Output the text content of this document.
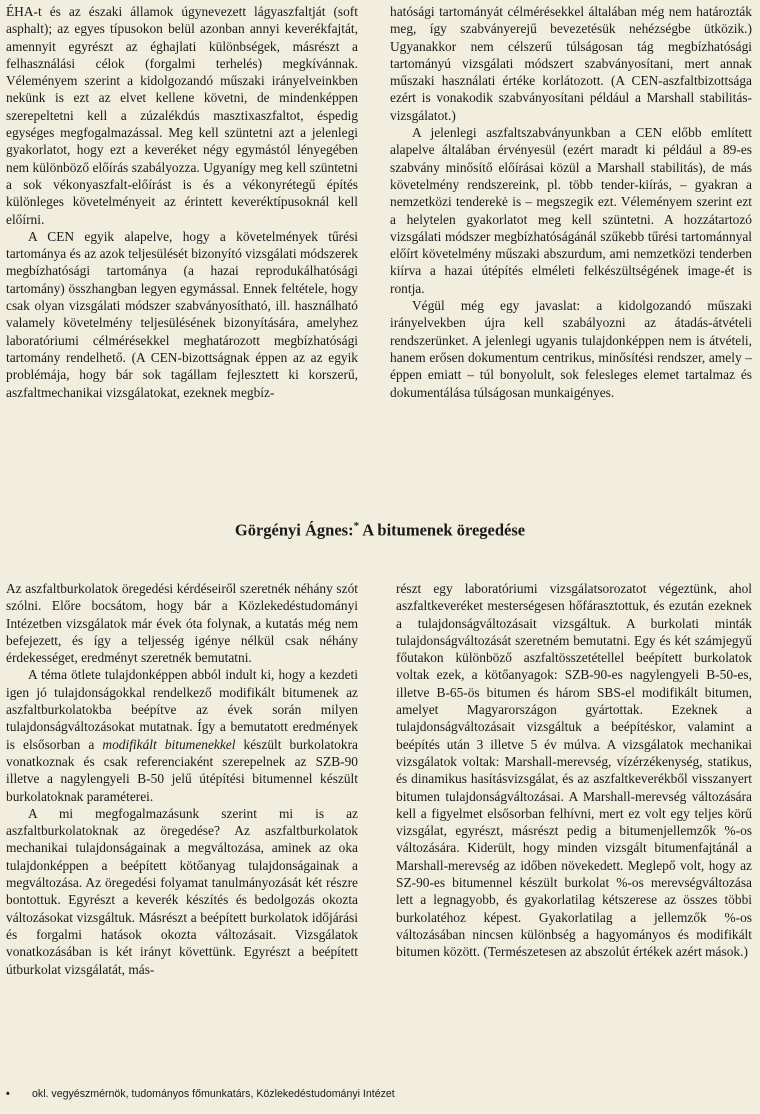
ÉHA-t és az északi államok úgynevezett lágyaszfaltját (soft asphalt); az egyes típusokon belül azonban annyi keverékfajtát, amennyit egyrészt az éghajlati különbségek, másrészt a felhasználási célok (forgalmi terhelés) megkívánnak. Véleményem szerint a kidolgozandó műszaki irányelveinkben nekünk is ezt az elvet kellene követni, de mindenképpen szerepeltetni kell a zúzalékdús masztixaszfaltot, éspedig egységes megfogalmazással. Meg kell szüntetni azt a jelenlegi gyakorlatot, hogy ezt a keveréket négy egymástól lényegében nem különböző előírás szabályozza. Ugyanígy meg kell szüntetni a sok vékonyaszfalt-előírást is és a vékonyrétegű építés különleges követelményeit az érintett keveréktípusoknál kell előírni.

A CEN egyik alapelve, hogy a követelmények tűrési tartománya és az azok teljesülését bizonyító vizsgálati módszerek megbízhatósági tartománya (a hazai reprodukálhatósági tartomány) összhangban legyen egymással. Ennek feltétele, hogy csak olyan vizsgálati módszer szabványosítható, ill. használható valamely követelmény teljesülésének bizonyítására, amelyhez laboratóriumi célmérésekkel meghatározott megbízhatósági tartomány rendelhető. (A CEN-bizottságnak éppen az az egyik problémája, hogy bár sok tagállam fejlesztett ki korszerű, aszfaltmechanikai vizsgálatokat, ezeknek megbíz-

hatósági tartományát célmérésekkel általában még nem határozták meg, így szabványerejű bevezetésük nehézségbe ütközik.) Ugyanakkor nem célszerű túlságosan tág megbízhatósági tartományú vizsgálati módszert szabványosítani, mert annak műszaki használati értéke korlátozott. (A CEN-aszfaltbizottsága ezért is vonakodik szabványosítani például a Marshall stabilitás-vizsgálatot.)

A jelenlegi aszfaltszabványunkban a CEN előbb említett alapelve általában érvényesül (ezért maradt ki például a 89-es szabvány minősítő előírásai közül a Marshall stabilitás), de más követelmény rendszereink, pl. több tender-kiírás, – gyakran a nemzetközi tenderekė is – megszegik ezt. Véleményem szerint ezt a helytelen gyakorlatot meg kell szüntetni. A hozzátartozó vizsgálati módszer megbízhatóságánál szűkebb tűrési tartománnyal előírt követelmény műszaki abszurdum, ami nemzetközi tenderben kiírva a hazai útépítés elméleti felkészültségének image-ét is rontja.

Végül még egy javaslat: a kidolgozandó műszaki irányelvekben újra kell szabályozni az átadás-átvételi rendszerünket. A jelenlegi ugyanis tulajdonképpen nem is átvételi, hanem erősen dokumentum centrikus, minősítési rendszer, amely – éppen emiatt – túl bonyolult, sok felesleges elemet tartalmaz és dokumentálása túlságosan munkaigényes.

Görgényi Ágnes:* A bitumenek öregedése

Az aszfaltburkolatok öregedési kérdéseiről szeretnék néhány szót szólni. Előre bocsátom, hogy bár a Közlekedéstudományi Intézetben vizsgálatok már évek óta folynak, a kutatás még nem befejezett, és így a teljesség igénye nélkül csak néhány érdekességet, eredményt szeretnék bemutatni.

A téma ötlete tulajdonképpen abból indult ki, hogy a kezdeti igen jó tulajdonságokkal rendelkező modifikált bitumenek az aszfaltburkolatokba beépítve az évek során milyen tulajdonságváltozásokat mutatnak. Így a bemutatott eredmények is elsősorban a modifikált bitumenekkel készült burkolatokra vonatkoznak és csak referenciaként szerepelnek az SZB-90 illetve a nagylengyeli B-50 jelű útépítési bitumennel készült burkolatoknak paraméterei.

A mi megfogalmazásunk szerint mi is az aszfaltburkolatoknak az öregedése? Az aszfaltburkolatok mechanikai tulajdonságainak a megváltozása, aminek az oka tulajdonképpen a beépített kötőanyag tulajdonságainak a megváltozása. Az öregedési folyamat tanulmányozását két részre bontottuk. Egyrészt a keverék készítés és bedolgozás okozta változásokat vizsgáltuk. Másrészt a beépített burkolatok időjárási és forgalmi hatások okozta változásait. Vizsgálatok vonatkozásában is két irányt követtünk. Egyrészt a beépített útburkolat vizsgálatát, más-

részt egy laboratóriumi vizsgálatsorozatot végeztünk, ahol aszfaltkeveréket mesterségesen hőfárasztottuk, és ezután ezeknek a tulajdonságváltozásait vizsgáltuk. A burkolati minták tulajdonságváltozását szeretném bemutatni. Egy és két számjegyű főutakon különböző aszfaltösszetétellel beépített burkolatok voltak ezek, a kötőanyagok: SZB-90-es nagylengyeli B-50-es, illetve B-65-ös bitumen és három SBS-el modifikált bitumen, amelyet Magyarországon gyártottak. Ezeknek a tulajdonságváltozásait vizsgáltuk a beépítéskor, valamint a beépítés után 3 illetve 5 év múlva. A vizsgálatok mechanikai vizsgálatok voltak: Marshall-merevség, vízérzékenység, statikus, és dinamikus hasításvizsgálat, és az aszfaltkeverékből visszanyert bitumen tulajdonságváltozásai. A Marshall-merevség változására kell a figyelmet elsősorban felhívni, mert ez volt egy teljes körű vizsgálat, egyrészt, másrészt pedig a bitumenjellemzők %-os változására. Kiderült, hogy minden vizsgált bitumenfajtánál a Marshall-merevség az időben növekedett. Meglepő volt, hogy az SZ-90-es bitumennel készült burkolat %-os merevségváltozása lett a legnagyobb, és gyakorlatilag kétszerese az összes többi burkolatéhoz képest. Gyakorlatilag a jellemzők %-os változásában nincsen különbség a hagyományos és modifikált bitumen között. (Természetesen az abszolút értékek azért mások.)

• okl. vegyészmérnök, tudományos főmunkatárs, Közlekedéstudományi Intézet
